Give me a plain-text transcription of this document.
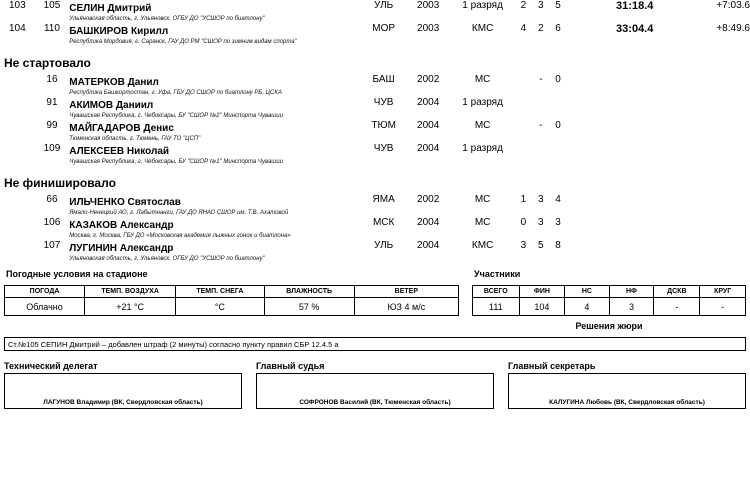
103	105	СЕЛИН Дмитрий
Ульяновская область, г. Ульяновск, ОГБУ ДО "УСШОР по биатлону"	УЛЬ	2003	1 разряд	2	3	5	31:18.4	+7:03.6
104	110	БАШКИРОВ Кирилл
Республика Мордовия, г. Саранск, ГАУ ДО РМ "СШОР по зимним видам спорта"	МОР	2003	КМС	4	2	6	33:04.4	+8:49.6
Не стартовало
	16	МАТЕРКОВ Данил
Республика Башкортостан, г. Уфа, ГБУ ДО СШОР по биатлону РБ, ЦСКА	БАШ	2002	МС		-	0		
	91	АКИМОВ Даниил
Чувашская Республика, г. Чебоксары, БУ "СШОР №2" Минспорта Чувашии	ЧУВ	2004	1 разряд					
	99	МАЙГАДАРОВ Денис
Тюменская область, г. Тюмень, ГАУ ТО "ЦСП"	ТЮМ	2004	МС		-	0		
	109	АЛЕКСЕЕВ Николай
Чувашская Республика, г. Чебоксары, БУ "СШОР №1" Минспорта Чувашии	ЧУВ	2004	1 разряд					
Не финишировало
	66	ИЛЬЧЕНКО Святослав
Ямало-Ненецкий АО, г. Лабытнанги, ГАУ ДО ЯНАО СШОР им. Т.В. Ахатовой	ЯМА	2002	МС	1	3	4		
	106	КАЗАКОВ Александр
Москва, г. Москва, ГБУ ДО «Московская академия лыжных гонок и биатлона»	МСК	2004	МС	0	3	3		
	107	ЛУГИНИН Александр
Ульяновская область, г. Ульяновск, ОГБУ ДО "УСШОР по биатлону"	УЛЬ	2004	КМС	3	5	8		
Погодные условия на стадионе
ПОГОДА	ТЕМП. ВОЗДУХА	ТЕМП. СНЕГА	ВЛАЖНОСТЬ	ВЕТЕР
Облачно	+21 °С	°С	57 %	ЮЗ 4 м/с
Участники
ВСЕГО	ФИН	НС	НФ	ДСКВ	КРУГ
111	104	4	3	-	-
Решения жюри
Ст.№105 СЕПИН Дмитрий – добавлен штраф (2 минуты) согласно пункту правил СБР 12.4.5 а
Технический делегат
ЛАГУНОВ Владимир (ВК, Свердловская область)
Главный судья
СОФРОНОВ Василий (ВК, Тюменская область)
Главный секретарь
КАЛУГИНА Любовь (ВК, Свердловская область)
